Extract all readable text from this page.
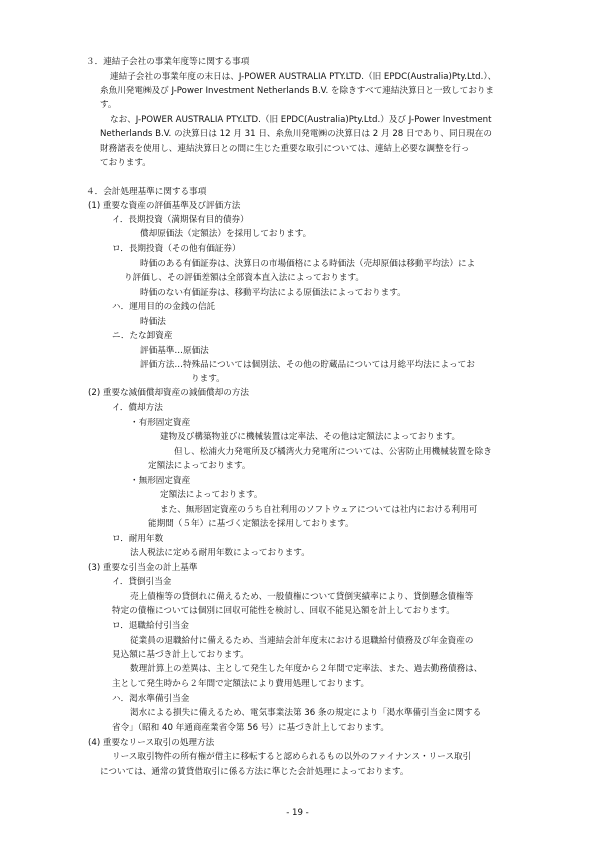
３．連結子会社の事業年度等に関する事項
連結子会社の事業年度の末日は、J-POWER AUSTRALIA PTY.LTD.（旧 EPDC(Australia)Pty.Ltd.）、
糸魚川発電㈱及び J-Power Investment Netherlands B.V. を除きすべて連結決算日と一致しておりま
す。
なお、J-POWER AUSTRALIA PTY.LTD.（旧 EPDC(Australia)Pty.Ltd.）及び J-Power Investment
Netherlands B.V. の決算日は 12 月 31 日、糸魚川発電㈱の決算日は 2 月 28 日であり、同日現在の
財務諸表を使用し、連結決算日との間に生じた重要な取引については、連結上必要な調整を行っ
ております。
４．会計処理基準に関する事項
(1) 重要な資産の評価基準及び評価方法
イ．長期投資（満期保有目的債券）
償却原価法（定額法）を採用しております。
ロ．長期投資（その他有価証券）
時価のある有価証券は、決算日の市場価格による時価法（売却原価は移動平均法）によ
り評価し、その評価差額は全部資本直入法によっております。
時価のない有価証券は、移動平均法による原価法によっております。
ハ．運用目的の金銭の信託
時価法
ニ．たな卸資産
評価基準…原価法
評価方法…特殊品については個別法、その他の貯蔵品については月総平均法によってお
ります。
(2) 重要な減価償却資産の減価償却の方法
イ．償却方法
・有形固定資産
建物及び構築物並びに機械装置は定率法、その他は定額法によっております。
但し、松浦火力発電所及び橘湾火力発電所については、公害防止用機械装置を除き
定額法によっております。
・無形固定資産
定額法によっております。
また、無形固定資産のうち自社利用のソフトウェアについては社内における利用可
能期間（５年）に基づく定額法を採用しております。
ロ．耐用年数
法人税法に定める耐用年数によっております。
(3) 重要な引当金の計上基準
イ．貸倒引当金
売上債権等の貸倒れに備えるため、一般債権について貸倒実績率により、貸倒懸念債権等
特定の債権については個別に回収可能性を検討し、回収不能見込額を計上しております。
ロ．退職給付引当金
従業員の退職給付に備えるため、当連結会計年度末における退職給付債務及び年金資産の
見込額に基づき計上しております。
数理計算上の差異は、主として発生した年度から２年間で定率法、また、過去勤務債務は、
主として発生時から２年間で定額法により費用処理しております。
ハ．渇水準備引当金
渇水による損失に備えるため、電気事業法第 36 条の規定により「渇水準備引当金に関する
省令」（昭和 40 年通商産業省令第 56 号）に基づき計上しております。
(4) 重要なリース取引の処理方法
リース取引物件の所有権が借主に移転すると認められるもの以外のファイナンス・リース取引
については、通常の賃貸借取引に係る方法に準じた会計処理によっております。
- 19 -
